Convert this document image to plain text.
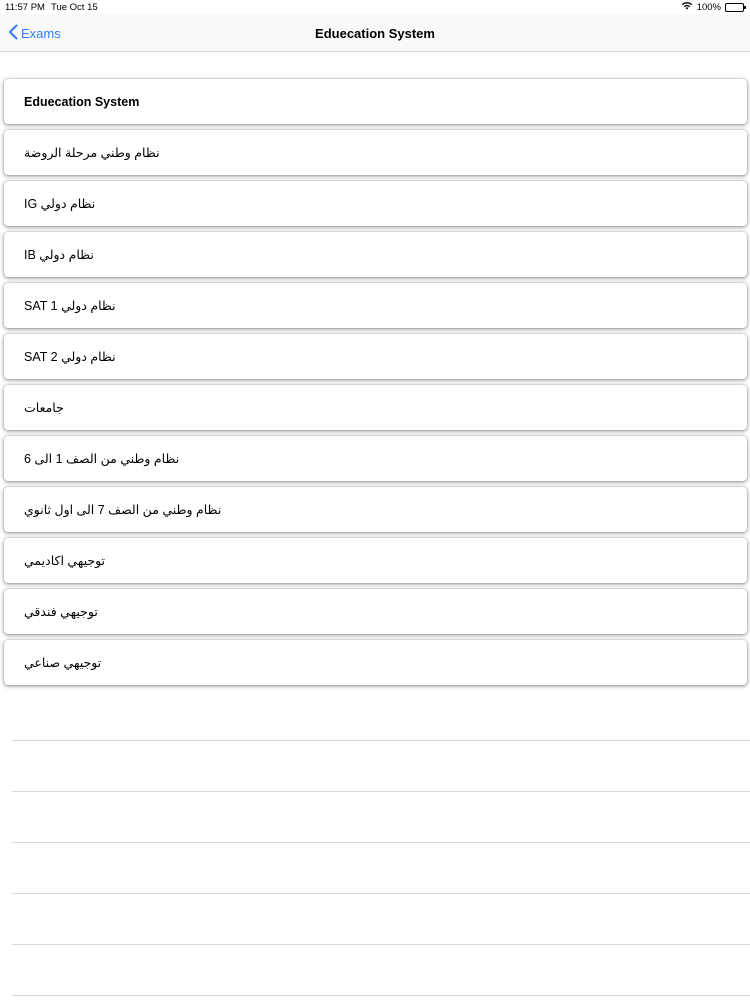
11:57 PM Tue Oct 15	100%
Exams	Eduecation System
Eduecation System
نظام وطني مرحلة الروضة
نظام دولي IG
نظام دولي IB
نظام دولي SAT 1
نظام دولي SAT 2
جامعات
نظام وطني من الصف 1 الى 6
نظام وطني من الصف 7 الى اول ثانوي
توجيهي اكاديمي
توجيهي فندقي
توجيهي صناعي
